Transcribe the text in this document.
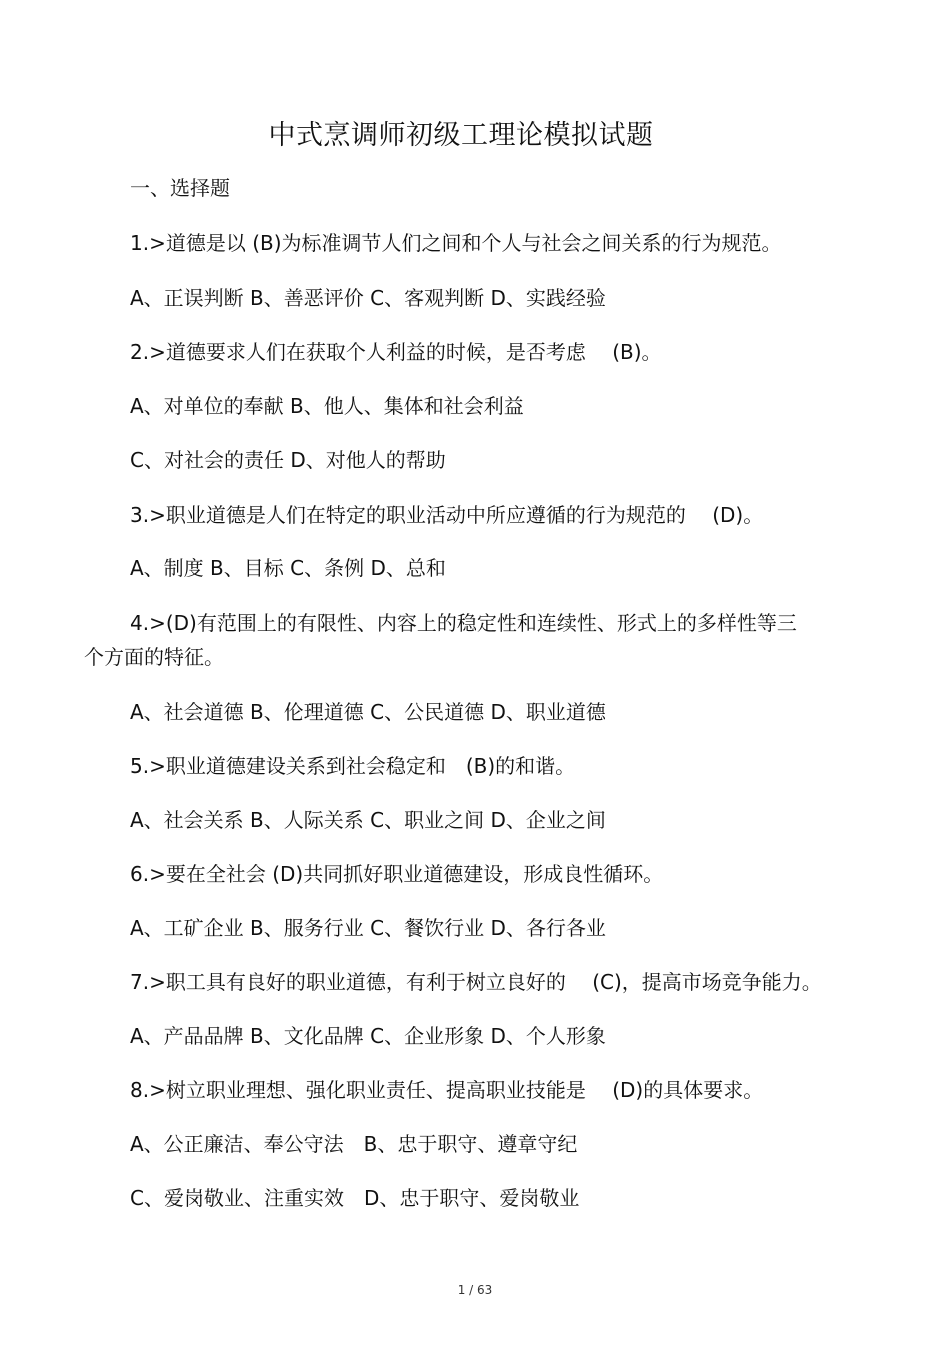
中式烹调师初级工理论模拟试题
一、选择题
1.>道德是以 (B)为标准调节人们之间和个人与社会之间关系的行为规范。
A、正误判断 B、善恶评价 C、客观判断 D、实践经验
2.>道德要求人们在获取个人利益的时候，是否考虑　 (B)。
A、对单位的奉献 B、他人、集体和社会利益
C、对社会的责任 D、对他人的帮助
3.>职业道德是人们在特定的职业活动中所应遵循的行为规范的　 (D)。
A、制度 B、目标 C、条例 D、总和
4.>(D)有范围上的有限性、内容上的稳定性和连续性、形式上的多样性等三
个方面的特征。
A、社会道德 B、伦理道德 C、公民道德 D、职业道德
5.>职业道德建设关系到社会稳定和　(B)的和谐。
A、社会关系 B、人际关系 C、职业之间 D、企业之间
6.>要在全社会 (D)共同抓好职业道德建设，形成良性循环。
A、工矿企业 B、服务行业 C、餐饮行业 D、各行各业
7.>职工具有良好的职业道德，有利于树立良好的　 (C)，提高市场竞争能力。
A、产品品牌 B、文化品牌 C、企业形象 D、个人形象
8.>树立职业理想、强化职业责任、提高职业技能是　 (D)的具体要求。
A、公正廉洁、奉公守法　B、忠于职守、遵章守纪
C、爱岗敬业、注重实效　D、忠于职守、爱岗敬业
1 / 63
